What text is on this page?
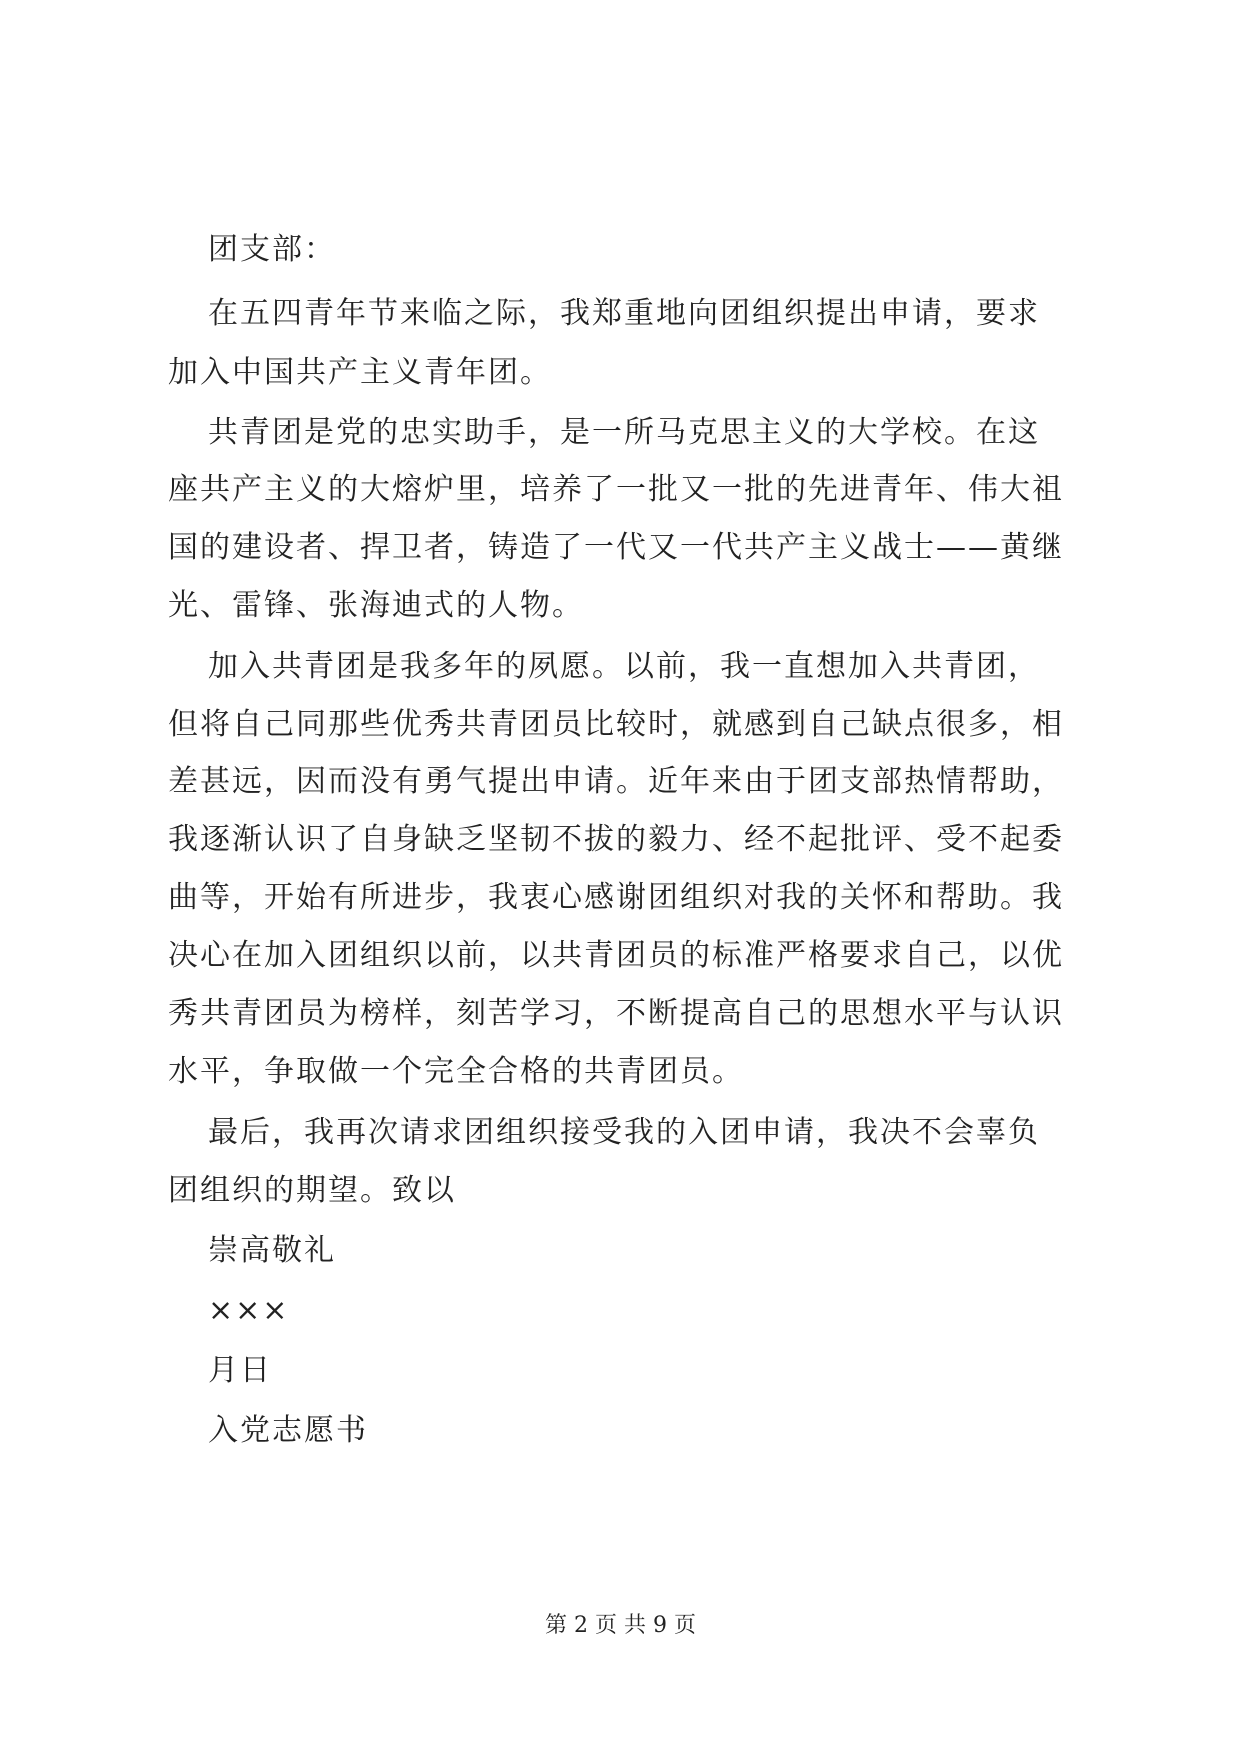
团支部：
在五四青年节来临之际，我郑重地向团组织提出申请，要求
加入中国共产主义青年团。
共青团是党的忠实助手，是一所马克思主义的大学校。在这
座共产主义的大熔炉里，培养了一批又一批的先进青年、伟大祖
国的建设者、捍卫者，铸造了一代又一代共产主义战士——黄继
光、雷锋、张海迪式的人物。
加入共青团是我多年的夙愿。以前，我一直想加入共青团，
但将自己同那些优秀共青团员比较时，就感到自己缺点很多，相
差甚远，因而没有勇气提出申请。近年来由于团支部热情帮助，
我逐渐认识了自身缺乏坚韧不拔的毅力、经不起批评、受不起委
曲等，开始有所进步，我衷心感谢团组织对我的关怀和帮助。我
决心在加入团组织以前，以共青团员的标准严格要求自己，以优
秀共青团员为榜样，刻苦学习，不断提高自己的思想水平与认识
水平，争取做一个完全合格的共青团员。
最后，我再次请求团组织接受我的入团申请，我决不会辜负
团组织的期望。致以
崇高敬礼
×××
月日
入党志愿书
第 2 页 共 9 页
